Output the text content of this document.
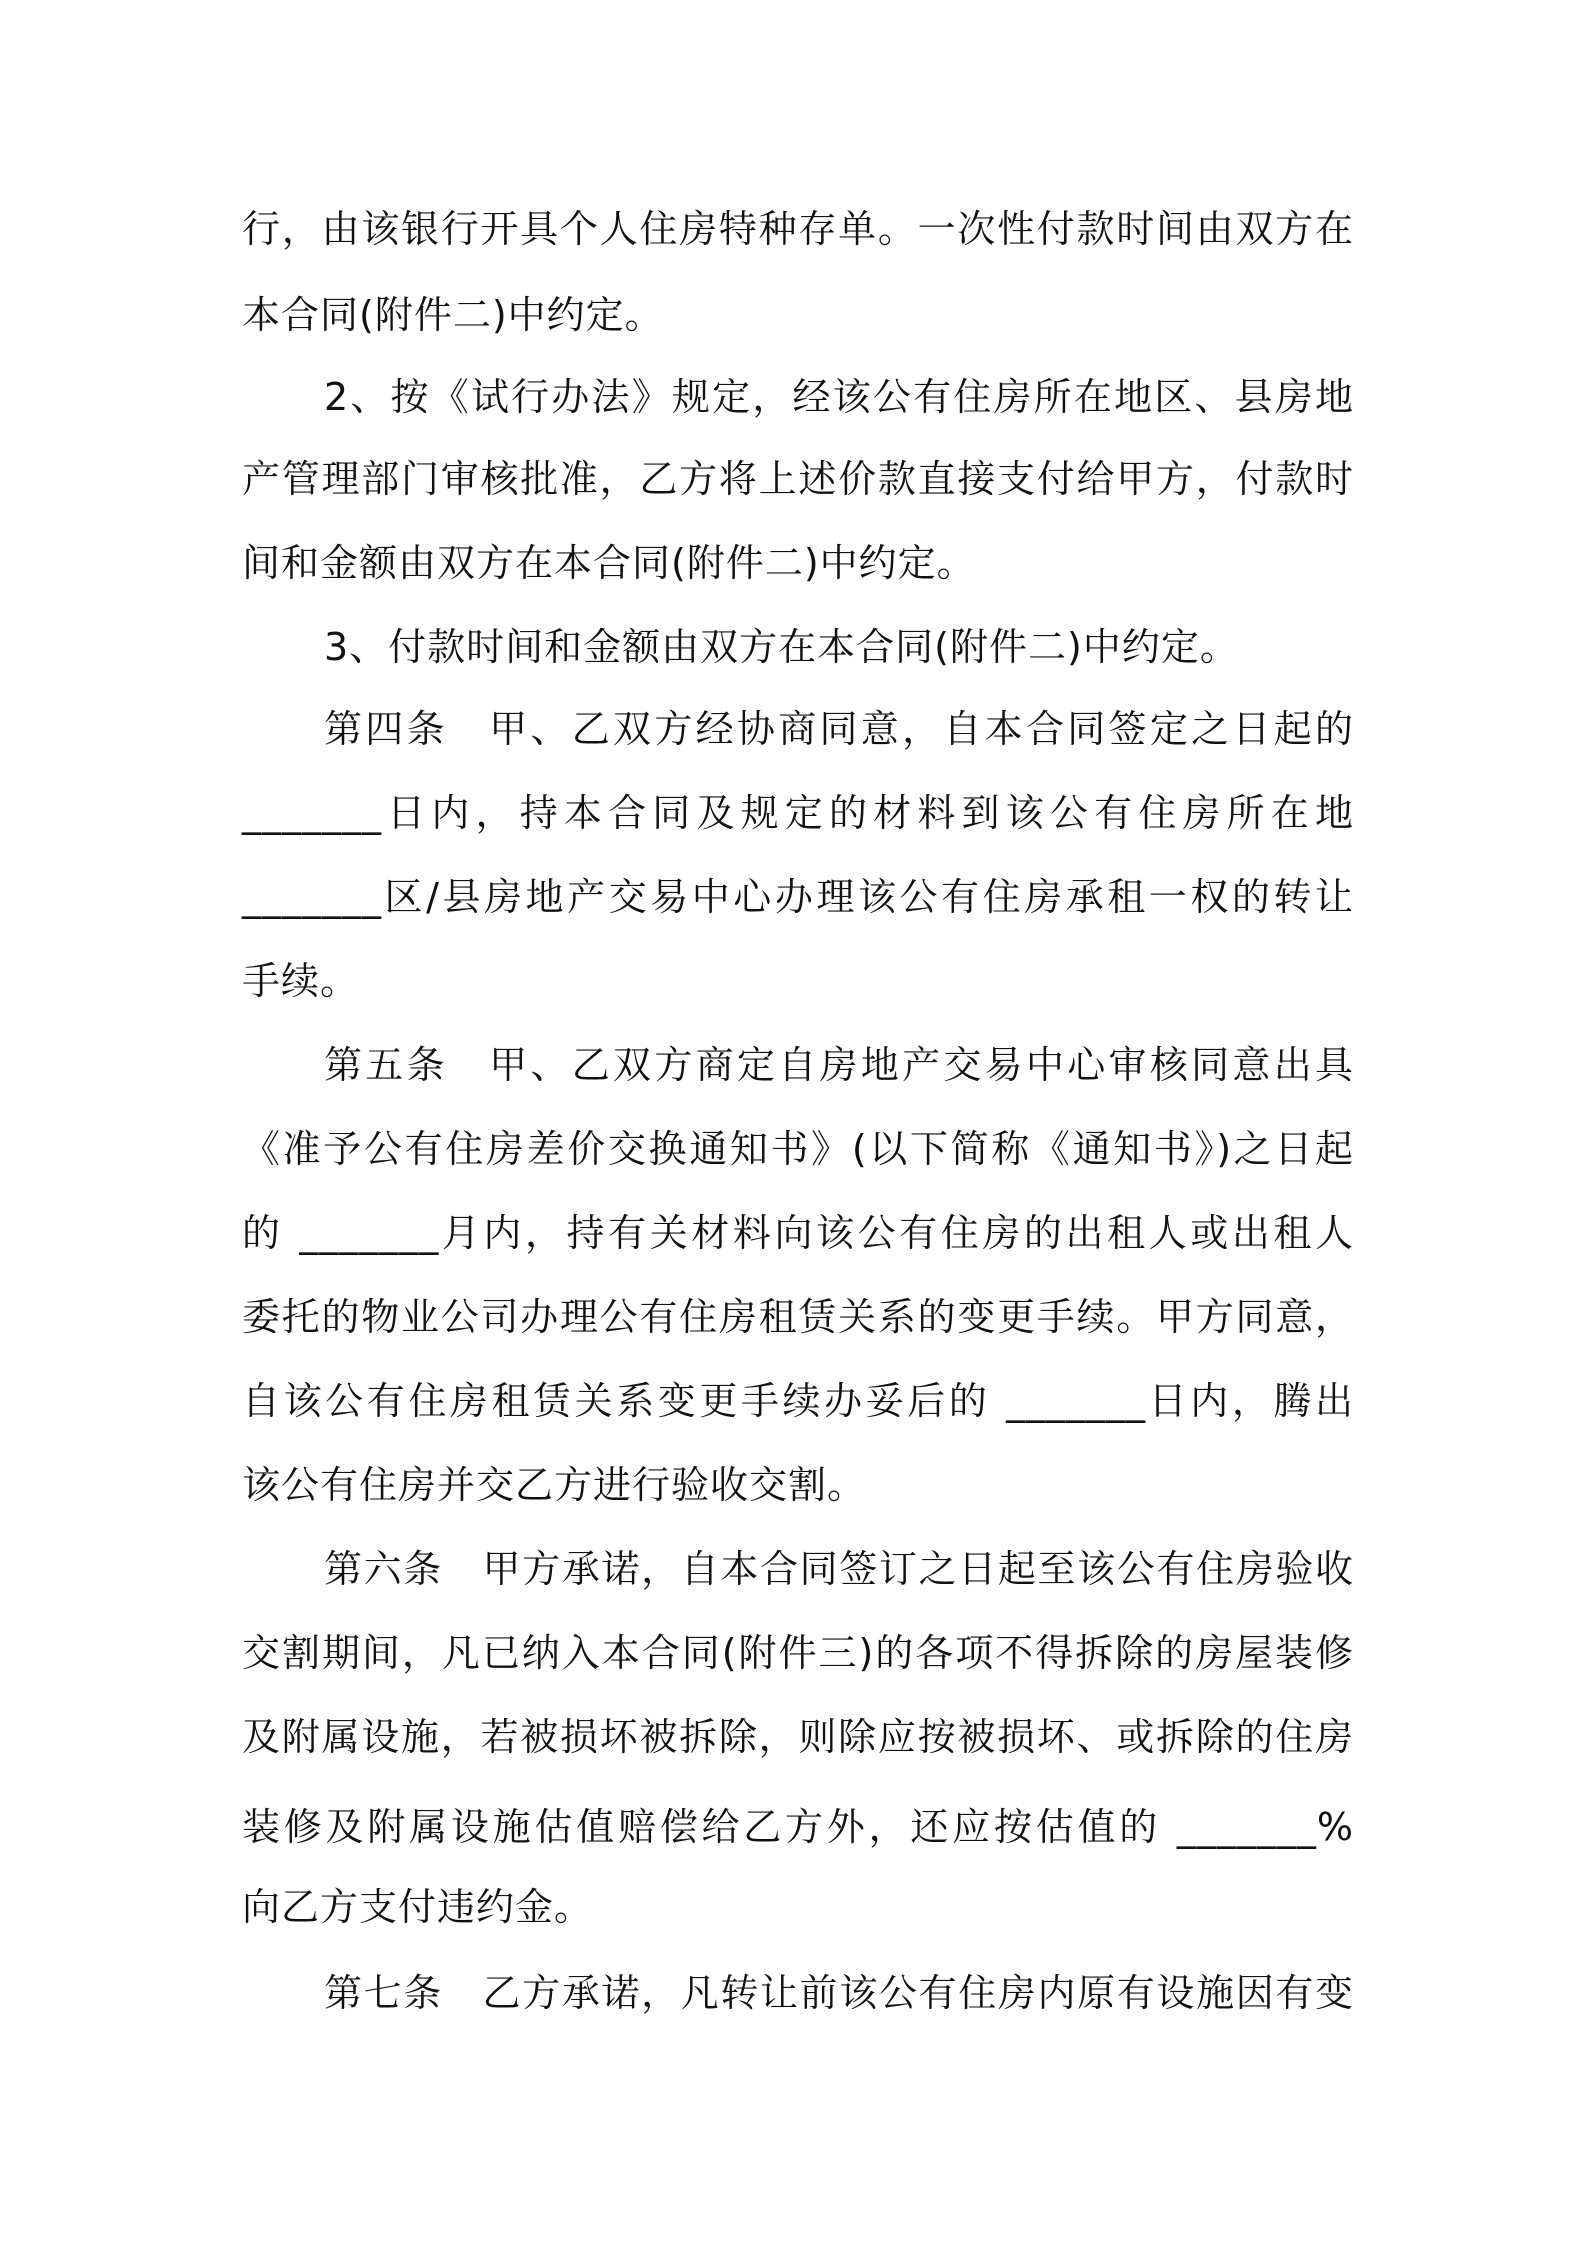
行，由该银行开具个人住房特种存单。一次性付款时间由双方在
本合同(附件二)中约定。
2、按《试行办法》规定，经该公有住房所在地区、县房地
产管理部门审核批准，乙方将上述价款直接支付给甲方，付款时
间和金额由双方在本合同(附件二)中约定。
3、付款时间和金额由双方在本合同(附件二)中约定。
第四条　甲、乙双方经协商同意，自本合同签定之日起的
_______日内，持本合同及规定的材料到该公有住房所在地
_______区/县房地产交易中心办理该公有住房承租一权的转让
手续。
第五条　甲、乙双方商定自房地产交易中心审核同意出具
《准予公有住房差价交换通知书》(以下简称《通知书》)之日起
的 _______月内，持有关材料向该公有住房的出租人或出租人
委托的物业公司办理公有住房租赁关系的变更手续。甲方同意，
自该公有住房租赁关系变更手续办妥后的 _______日内，腾出
该公有住房并交乙方进行验收交割。
第六条　甲方承诺，自本合同签订之日起至该公有住房验收
交割期间，凡已纳入本合同(附件三)的各项不得拆除的房屋装修
及附属设施，若被损坏被拆除，则除应按被损坏、或拆除的住房
装修及附属设施估值赔偿给乙方外，还应按估值的 _______%
向乙方支付违约金。
第七条　乙方承诺，凡转让前该公有住房内原有设施因有变
